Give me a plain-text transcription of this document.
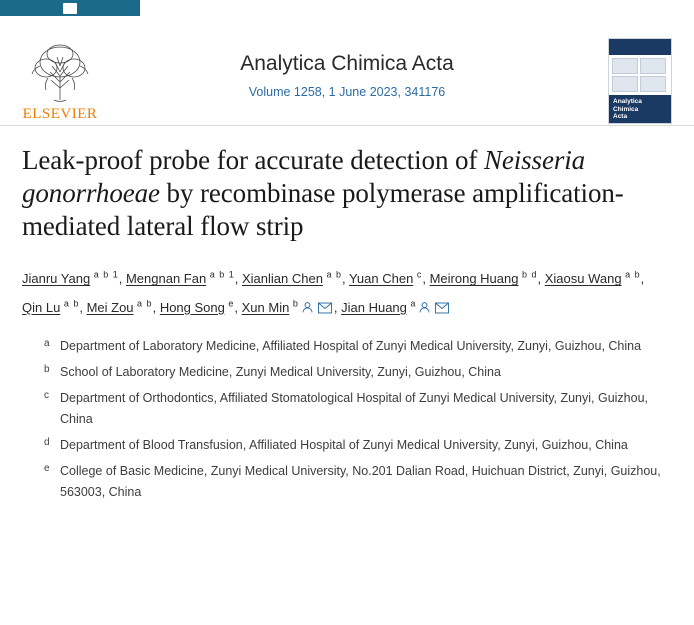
ELSEVIER
Analytica Chimica Acta
Volume 1258, 1 June 2023, 341176
Analytica
Chimica
Acta
Leak-proof probe for accurate detection of Neisseria gonorrhoeae by recombinase polymerase amplification-mediated lateral flow strip
Jianru Yang $^{a b 1}$, Mengnan Fan $^{a b 1}$, Xianlian Chen $^{a b}$, Yuan Chen $^c$, Meirong Huang $^{b d}$, Xiaosu Wang $^{a b}$, Qin Lu $^{a b}$, Mei Zou $^{a b}$, Hong Song $^e$, Xun Min $^b$	, Jian Huang $^a$
a Department of Laboratory Medicine, Affiliated Hospital of Zunyi Medical University, Zunyi, Guizhou, China
b School of Laboratory Medicine, Zunyi Medical University, Zunyi, Guizhou, China
c Department of Orthodontics, Affiliated Stomatological Hospital of Zunyi Medical University, Zunyi, Guizhou, China
d Department of Blood Transfusion, Affiliated Hospital of Zunyi Medical University, Zunyi, Guizhou, China
e College of Basic Medicine, Zunyi Medical University, No.201 Dalian Road, Huichuan District, Zunyi, Guizhou, 563003, China
